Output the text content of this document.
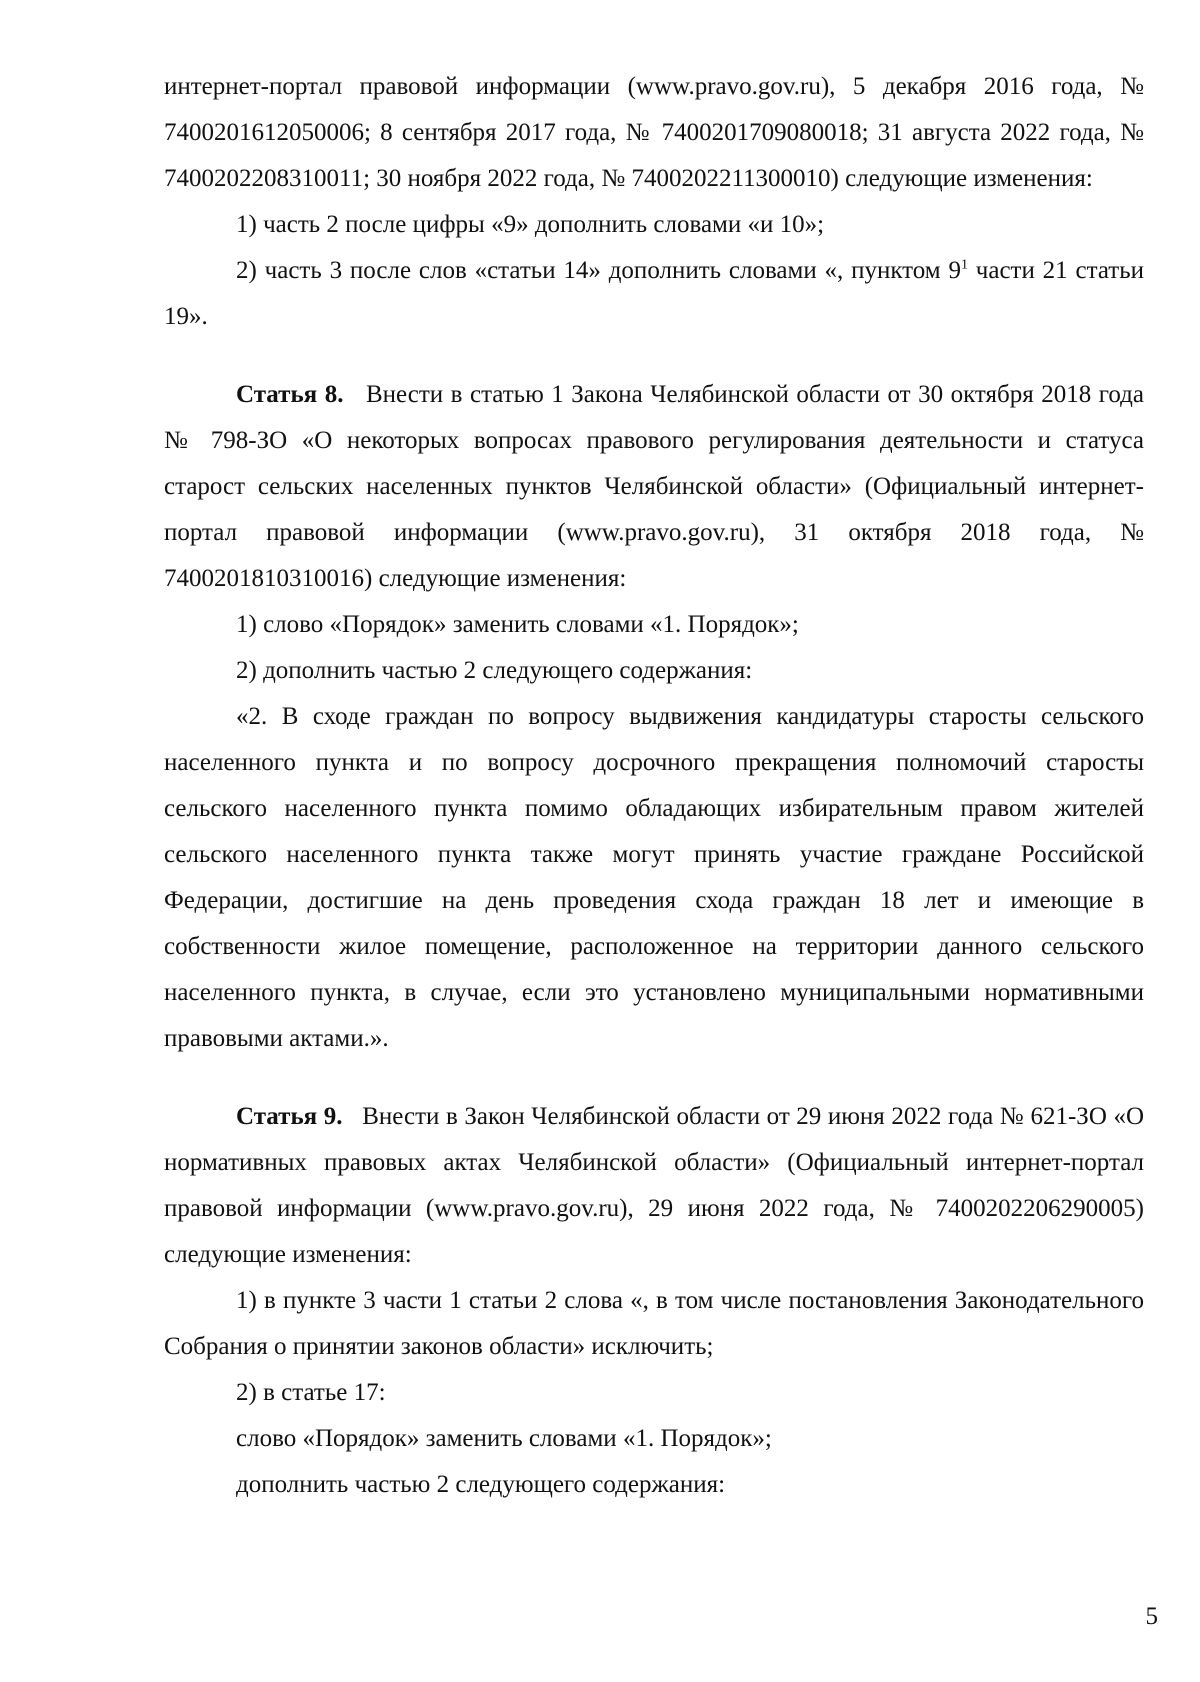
интернет-портал правовой информации (www.pravo.gov.ru), 5 декабря 2016 года, № 7400201612050006; 8 сентября 2017 года, № 7400201709080018; 31 августа 2022 года, № 7400202208310011; 30 ноября 2022 года, № 7400202211300010) следующие изменения:

1) часть 2 после цифры «9» дополнить словами «и 10»;

2) часть 3 после слов «статьи 14» дополнить словами «, пунктом $9^1$ части 21 статьи 19».

Статья 8. Внести в статью 1 Закона Челябинской области от 30 октября 2018 года № 798-ЗО «О некоторых вопросах правового регулирования деятельности и статуса старост сельских населенных пунктов Челябинской области» (Официальный интернет-портал правовой информации (www.pravo.gov.ru), 31 октября 2018 года, № 7400201810310016) следующие изменения:

1) слово «Порядок» заменить словами «1. Порядок»;

2) дополнить частью 2 следующего содержания:

«2. В сходе граждан по вопросу выдвижения кандидатуры старосты сельского населенного пункта и по вопросу досрочного прекращения полномочий старосты сельского населенного пункта помимо обладающих избирательным правом жителей сельского населенного пункта также могут принять участие граждане Российской Федерации, достигшие на день проведения схода граждан 18 лет и имеющие в собственности жилое помещение, расположенное на территории данного сельского населенного пункта, в случае, если это установлено муниципальными нормативными правовыми актами.».

Статья 9. Внести в Закон Челябинской области от 29 июня 2022 года № 621-ЗО «О нормативных правовых актах Челябинской области» (Официальный интернет-портал правовой информации (www.pravo.gov.ru), 29 июня 2022 года, № 7400202206290005) следующие изменения:

1) в пункте 3 части 1 статьи 2 слова «, в том числе постановления Законодательного Собрания о принятии законов области» исключить;

2) в статье 17:

слово «Порядок» заменить словами «1. Порядок»;

дополнить частью 2 следующего содержания:

5
